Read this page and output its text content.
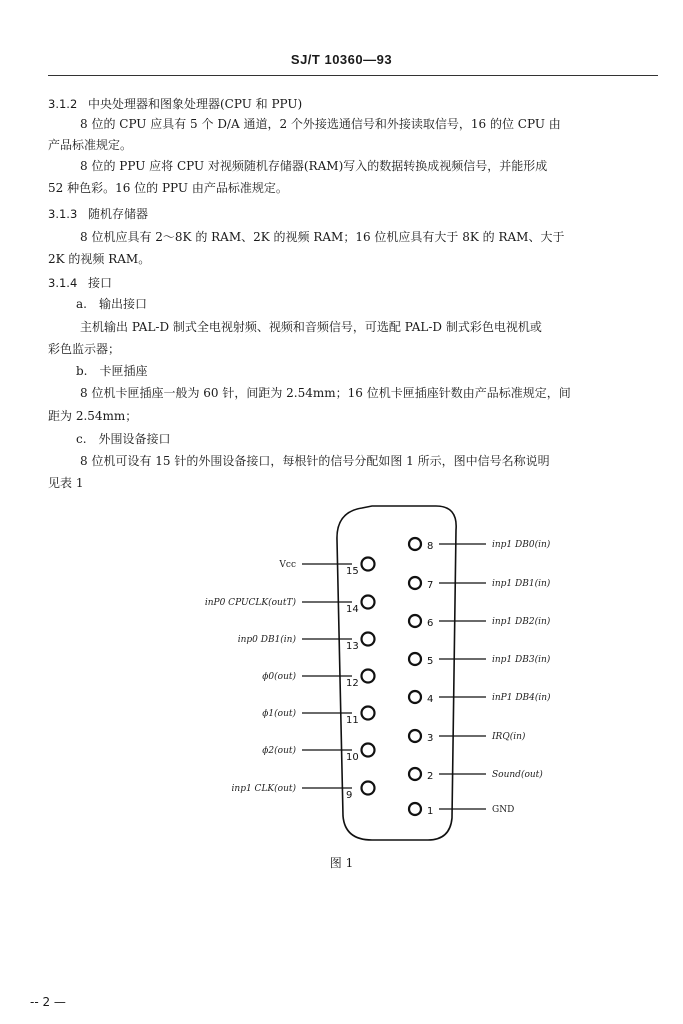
SJ/T 10360—93
3.1.2 中央处理器和图象处理器(CPU 和 PPU)
8 位的 CPU 应具有 5 个 D/A 通道，2 个外接选通信号和外接读取信号，16 的位 CPU 由
产品标准规定。
8 位的 PPU 应将 CPU 对视频随机存储器(RAM)写入的数据转换成视频信号，并能形成
52 种色彩。16 位的 PPU 由产品标准规定。
3.1.3 随机存储器
8 位机应具有 2～8K 的 RAM、2K 的视频 RAM；16 位机应具有大于 8K 的 RAM、大于
2K 的视频 RAM。
3.1.4 接口
a.　输出接口
主机输出 PAL-D 制式全电视射频、视频和音频信号，可选配 PAL-D 制式彩色电视机或
彩色监示器；
b.　卡匣插座
8 位机卡匣插座一般为 60 针，间距为 2.54mm；16 位机卡匣插座针数由产品标准规定，间
距为 2.54mm；
c.　外围设备接口
8 位机可设有 15 针的外围设备接口，每根针的信号分配如图 1 所示，图中信号名称说明
见表 1
8	inp1 DB0(in)
7	inp1 DB1(in)
6	inp1 DB2(in)
5	inp1 DB3(in)
4	inP1 DB4(in)
3	IRQ(in)
2	Sound(out)
1	GND
15
Vcc
14
inP0 CPUCLK(outT)
13
inp0 DB1(in)
12
ϕ0(out)
11
ϕ1(out)
10
ϕ2(out)
9
inp1 CLK(out)
图 1
-- 2 —
